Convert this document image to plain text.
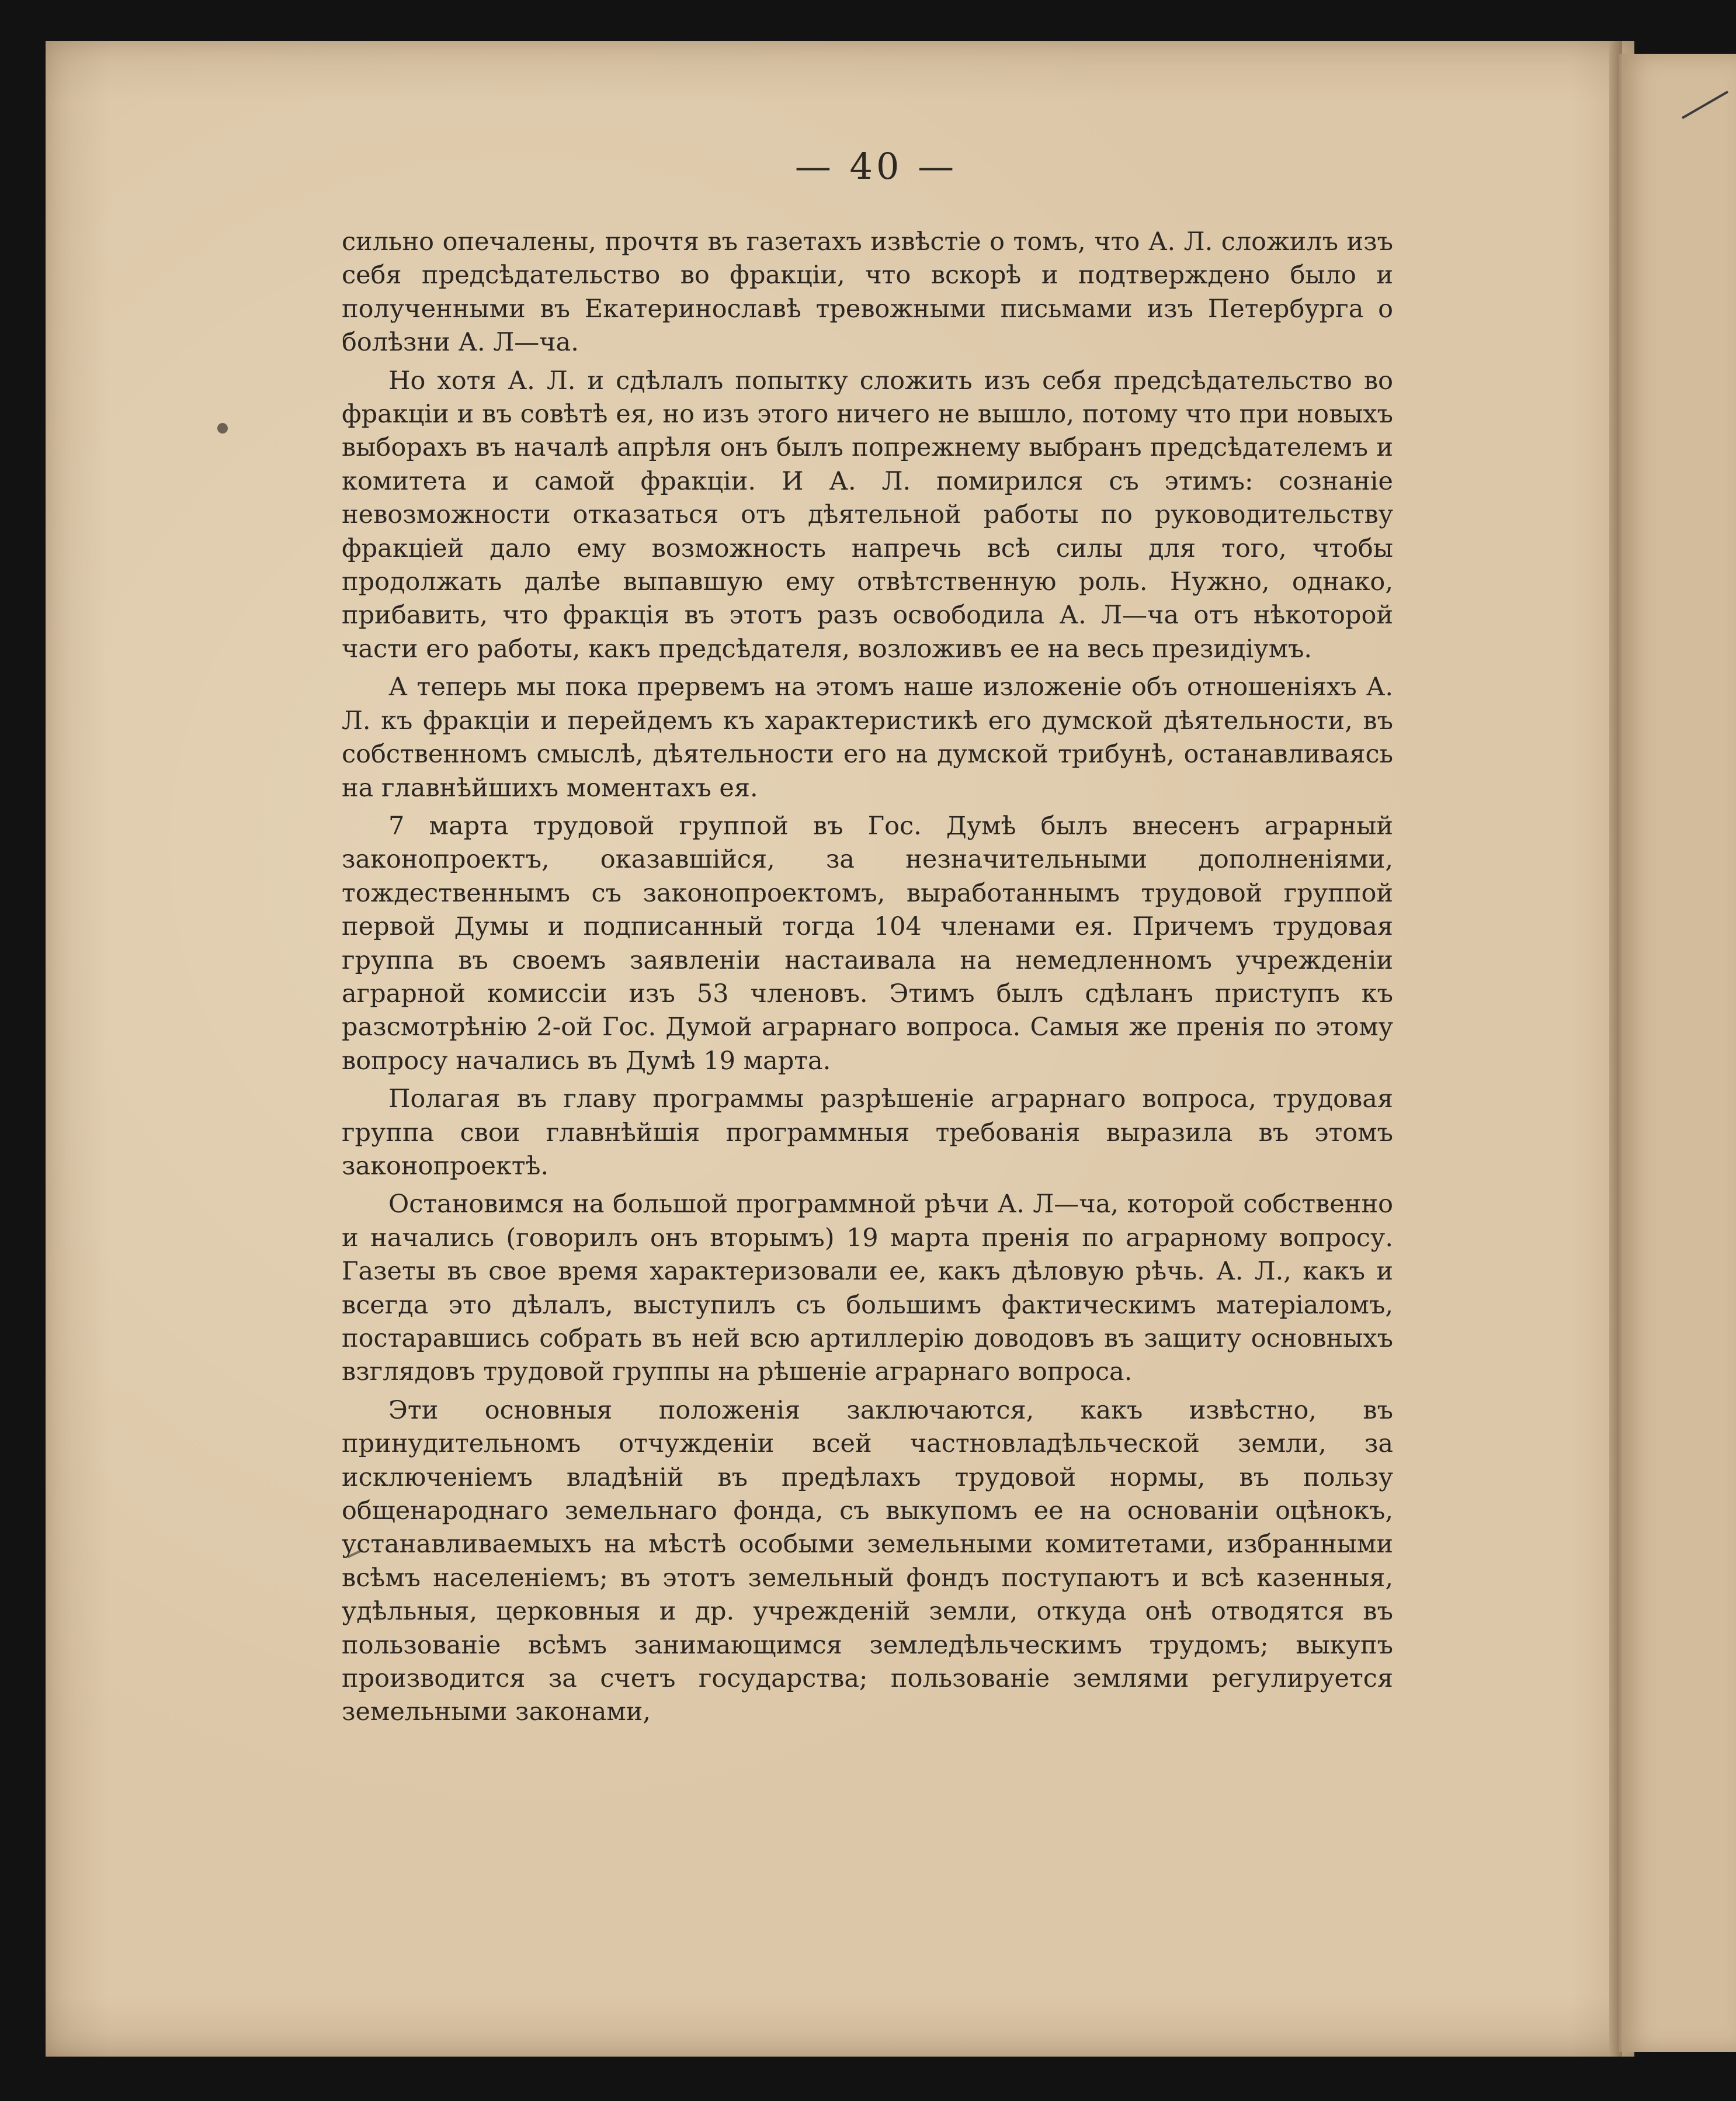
— 40 —

сильно опечалены, прочтя въ газетахъ извѣстіе о томъ, что А. Л. сложилъ изъ себя предсѣдательство во фракціи, что вскорѣ и подтверждено было и полученными въ Екатеринославѣ тревожными письмами изъ Петербурга о болѣзни А. Л—ча.

Но хотя А. Л. и сдѣлалъ попытку сложить изъ себя предсѣдательство во фракціи и въ совѣтѣ ея, но изъ этого ничего не вышло, потому что при новыхъ выборахъ въ началѣ апрѣля онъ былъ попрежнему выбранъ предсѣдателемъ и комитета и самой фракціи. И А. Л. помирился съ этимъ: сознаніе невозможности отказаться отъ дѣятельной работы по руководительству фракціей дало ему возможность напречь всѣ силы для того, чтобы продолжать далѣе выпавшую ему отвѣтственную роль. Нужно, однако, прибавить, что фракція въ этотъ разъ освободила А. Л—ча отъ нѣкоторой части его работы, какъ предсѣдателя, возложивъ ее на весь президіумъ.

А теперь мы пока прервемъ на этомъ наше изложеніе объ отношеніяхъ А. Л. къ фракціи и перейдемъ къ характеристикѣ его думской дѣятельности, въ собственномъ смыслѣ, дѣятельности его на думской трибунѣ, останавливаясь на главнѣйшихъ моментахъ ея.

7 марта трудовой группой въ Гос. Думѣ былъ внесенъ аграрный законопроектъ, оказавшійся, за незначительными дополненіями, тождественнымъ съ законопроектомъ, выработаннымъ трудовой группой первой Думы и подписанный тогда 104 членами ея. Причемъ трудовая группа въ своемъ заявленіи настаивала на немедленномъ учрежденіи аграрной комиссіи изъ 53 членовъ. Этимъ былъ сдѣланъ приступъ къ разсмотрѣнію 2-ой Гос. Думой аграрнаго вопроса. Самыя же пренія по этому вопросу начались въ Думѣ 19 марта.

Полагая въ главу программы разрѣшеніе аграрнаго вопроса, трудовая группа свои главнѣйшія программныя требованія выразила въ этомъ законопроектѣ.

Остановимся на большой программной рѣчи А. Л—ча, которой собственно и начались (говорилъ онъ вторымъ) 19 марта пренія по аграрному вопросу. Газеты въ свое время характеризовали ее, какъ дѣловую рѣчь. А. Л., какъ и всегда это дѣлалъ, выступилъ съ большимъ фактическимъ матеріаломъ, постаравшись собрать въ ней всю артиллерію доводовъ въ защиту основныхъ взглядовъ трудовой группы на рѣшеніе аграрнаго вопроса.

Эти основныя положенія заключаются, какъ извѣстно, въ принудительномъ отчужденіи всей частновладѣльческой земли, за исключеніемъ владѣній въ предѣлахъ трудовой нормы, въ пользу общенароднаго земельнаго фонда, съ выкупомъ ее на основаніи оцѣнокъ, устанавливаемыхъ на мѣстѣ особыми земельными комитетами, избранными всѣмъ населеніемъ; въ этотъ земельный фондъ поступаютъ и всѣ казенныя, удѣльныя, церковныя и др. учрежденій земли, откуда онѣ отводятся въ пользованіе всѣмъ занимающимся земледѣльческимъ трудомъ; выкупъ производится за счетъ государства; пользованіе землями регулируется земельными законами,
